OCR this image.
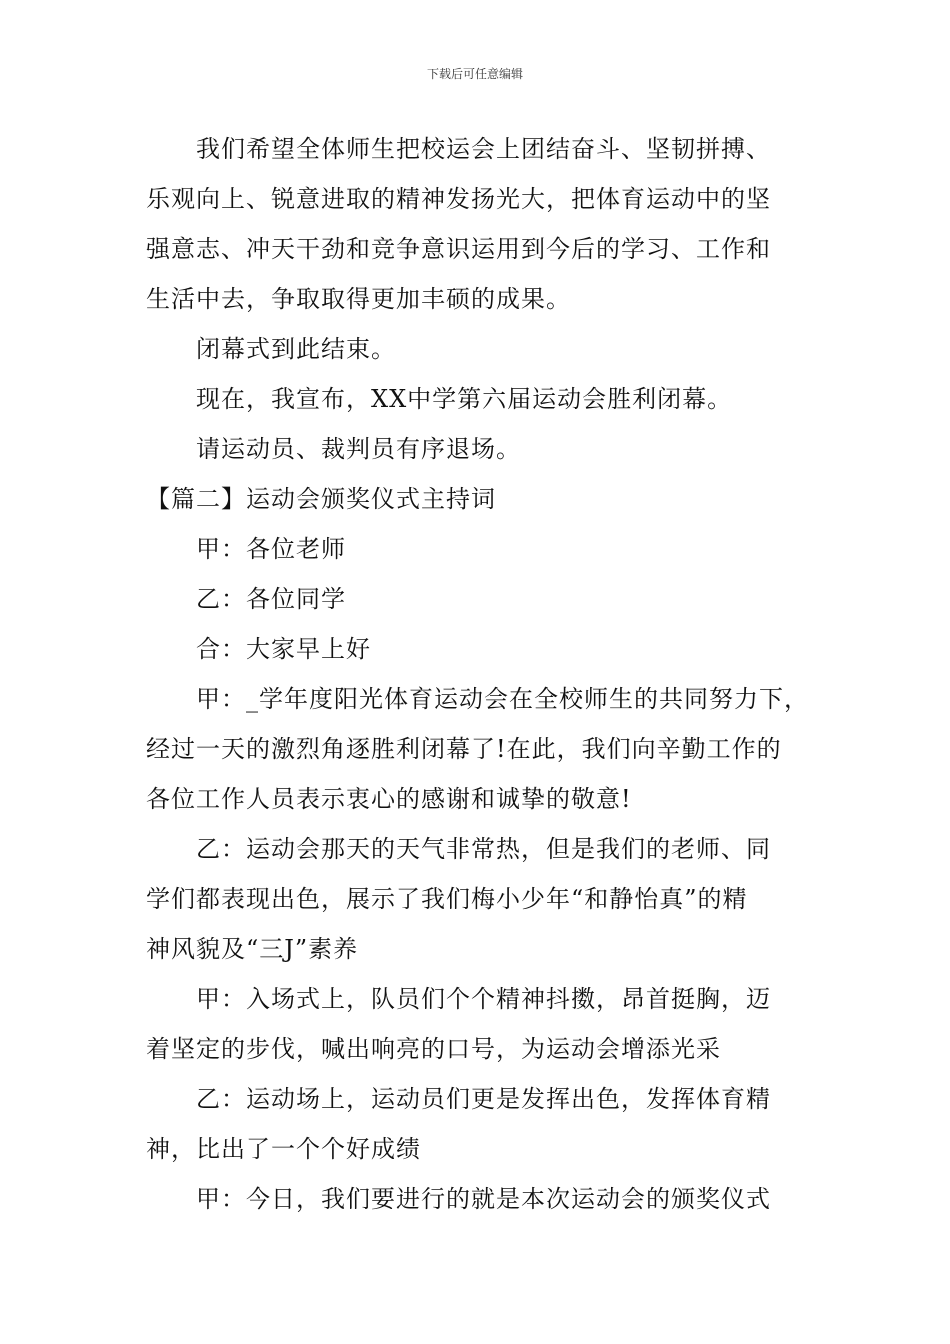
下载后可任意编辑

我们希望全体师生把校运会上团结奋斗、坚韧拼搏、

乐观向上、锐意进取的精神发扬光大，把体育运动中的坚

强意志、冲天干劲和竞争意识运用到今后的学习、工作和

生活中去，争取取得更加丰硕的成果。

闭幕式到此结束。

现在，我宣布，XX中学第六届运动会胜利闭幕。

请运动员、裁判员有序退场。

【篇二】运动会颁奖仪式主持词

甲：各位老师

乙：各位同学

合：大家早上好

甲：_学年度阳光体育运动会在全校师生的共同努力下，

经过一天的激烈角逐胜利闭幕了!在此，我们向辛勤工作的

各位工作人员表示衷心的感谢和诚挚的敬意!

乙：运动会那天的天气非常热，但是我们的老师、同

学们都表现出色，展示了我们梅小少年“和静怡真”的精

神风貌及“三J”素养

甲：入场式上，队员们个个精神抖擞，昂首挺胸，迈

着坚定的步伐，喊出响亮的口号，为运动会增添光采

乙：运动场上，运动员们更是发挥出色，发挥体育精

神，比出了一个个好成绩

甲：今日，我们要进行的就是本次运动会的颁奖仪式
